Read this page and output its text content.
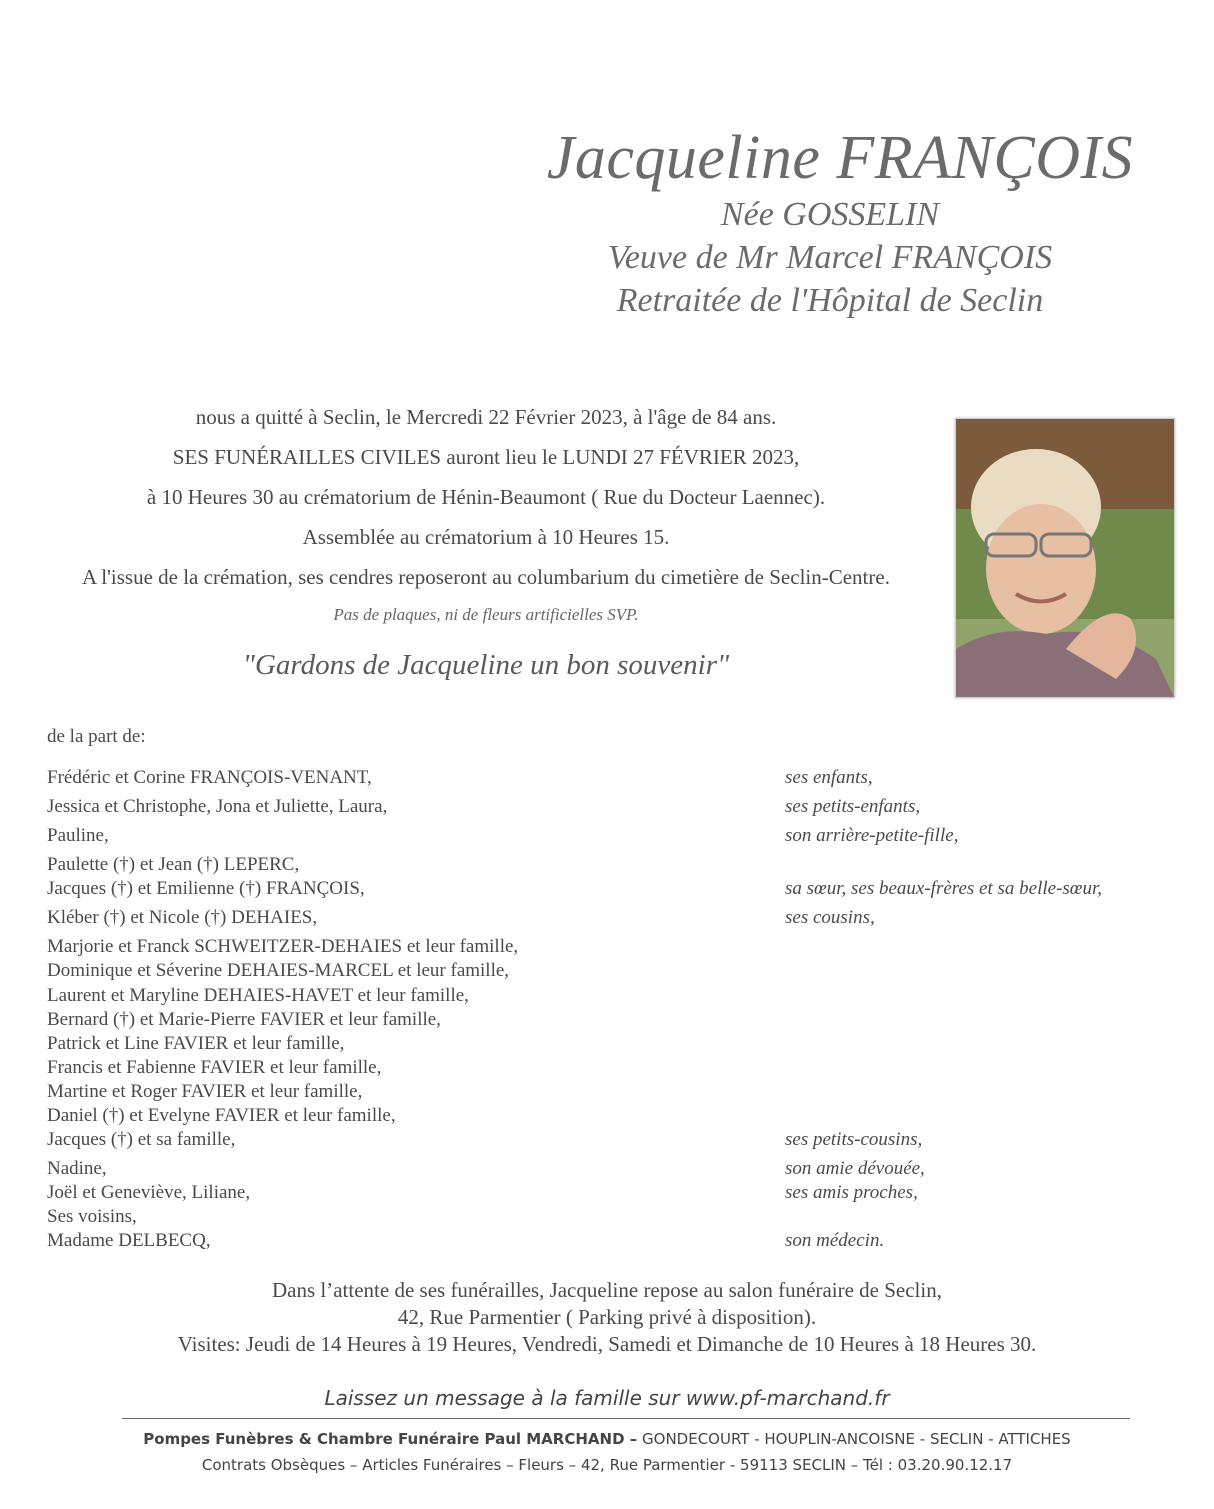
Jacqueline FRANÇOIS
Née GOSSELIN
Veuve de Mr Marcel FRANÇOIS
Retraitée de l'Hôpital de Seclin
nous a quitté à Seclin, le Mercredi 22 Février 2023, à l'âge de 84 ans.
SES FUNÉRAILLES CIVILES auront lieu le LUNDI 27 FÉVRIER 2023,
à 10 Heures 30 au crématorium de Hénin-Beaumont ( Rue du Docteur Laennec).
Assemblée au crématorium à 10 Heures 15.
A l'issue de la crémation, ses cendres reposeront au columbarium du cimetière de Seclin-Centre.
Pas de plaques, ni de fleurs artificielles SVP.
"Gardons de Jacqueline un bon souvenir"
de la part de:
Frédéric et Corine FRANÇOIS-VENANT,	ses enfants,
Jessica et Christophe, Jona et Juliette, Laura,	ses petits-enfants,
Pauline,	son arrière-petite-fille,
Paulette (†) et Jean (†) LEPERC,
Jacques (†) et Emilienne (†) FRANÇOIS,	sa sœur, ses beaux-frères et sa belle-sœur,
Kléber (†) et Nicole (†) DEHAIES,	ses cousins,
Marjorie et Franck SCHWEITZER-DEHAIES et leur famille,
Dominique et Séverine DEHAIES-MARCEL et leur famille,
Laurent et Maryline DEHAIES-HAVET et leur famille,
Bernard (†) et Marie-Pierre FAVIER et leur famille,
Patrick et Line FAVIER et leur famille,
Francis et Fabienne FAVIER et leur famille,
Martine et Roger FAVIER et leur famille,
Daniel (†) et Evelyne FAVIER et leur famille,
Jacques (†) et sa famille,	ses petits-cousins,
Nadine,	son amie dévouée,
Joël et Geneviève, Liliane,	ses amis proches,
Ses voisins,
Madame DELBECQ,	son médecin.
Dans l’attente de ses funérailles, Jacqueline repose au salon funéraire de Seclin,
42, Rue Parmentier ( Parking privé à disposition).
Visites: Jeudi de 14 Heures à 19 Heures, Vendredi, Samedi et Dimanche de 10 Heures à 18 Heures 30.
Laissez un message à la famille sur www.pf-marchand.fr
Pompes Funèbres & Chambre Funéraire Paul MARCHAND – GONDECOURT - HOUPLIN-ANCOISNE - SECLIN - ATTICHES
Contrats Obsèques – Articles Funéraires – Fleurs – 42, Rue Parmentier - 59113 SECLIN – Tél : 03.20.90.12.17
